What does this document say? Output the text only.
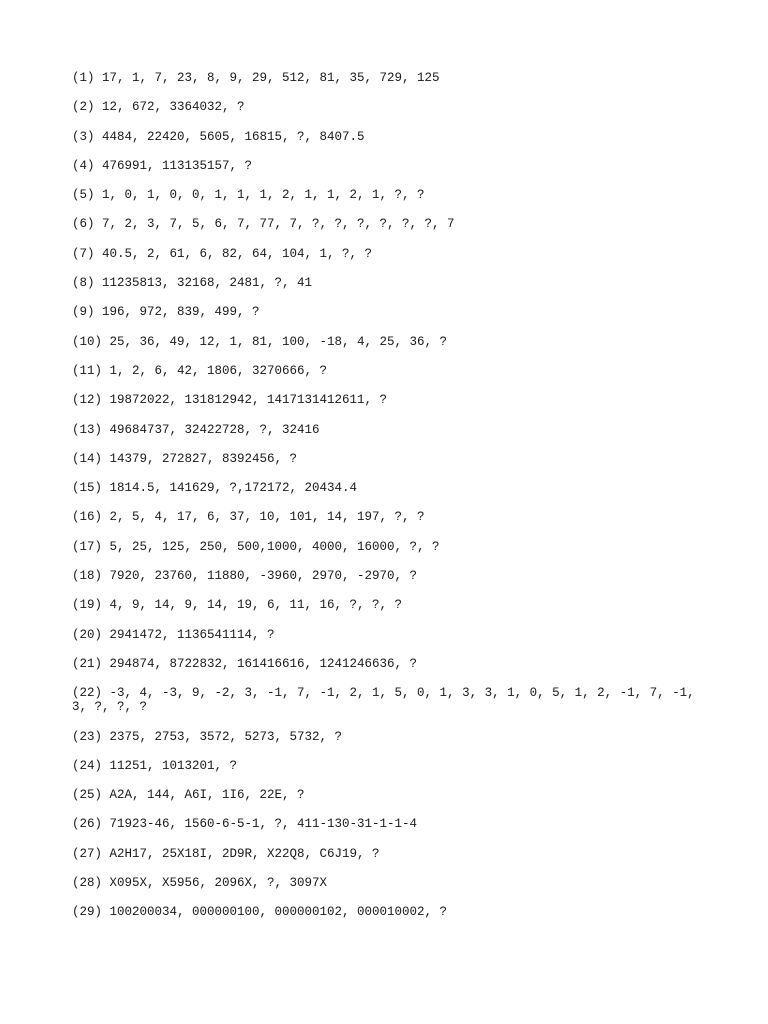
(1) 17, 1, 7, 23, 8, 9, 29, 512, 81, 35, 729, 125
(2) 12, 672, 3364032, ?
(3) 4484, 22420, 5605, 16815, ?, 8407.5
(4) 476991, 113135157, ?
(5) 1, 0, 1, 0, 0, 1, 1, 1, 2, 1, 1, 2, 1, ?, ?
(6) 7, 2, 3, 7, 5, 6, 7, 77, 7, ?, ?, ?, ?, ?, ?, 7
(7) 40.5, 2, 61, 6, 82, 64, 104, 1, ?, ?
(8) 11235813, 32168, 2481, ?, 41
(9) 196, 972, 839, 499, ?
(10) 25, 36, 49, 12, 1, 81, 100, -18, 4, 25, 36, ?
(11) 1, 2, 6, 42, 1806, 3270666, ?
(12) 19872022, 131812942, 1417131412611, ?
(13) 49684737, 32422728, ?, 32416
(14) 14379, 272827, 8392456, ?
(15) 1814.5, 141629, ?,172172, 20434.4
(16) 2, 5, 4, 17, 6, 37, 10, 101, 14, 197, ?, ?
(17) 5, 25, 125, 250, 500,1000, 4000, 16000, ?, ?
(18) 7920, 23760, 11880, -3960, 2970, -2970, ?
(19) 4, 9, 14, 9, 14, 19, 6, 11, 16, ?, ?, ?
(20) 2941472, 1136541114, ?
(21) 294874, 8722832, 161416616, 1241246636, ?
(22) -3, 4, -3, 9, -2, 3, -1, 7, -1, 2, 1, 5, 0, 1, 3, 3, 1, 0, 5, 1, 2, -1, 7, -1, 3, ?, ?, ?
(23) 2375, 2753, 3572, 5273, 5732, ?
(24) 11251, 1013201, ?
(25) A2A, 144, A6I, 1I6, 22E, ?
(26) 71923-46, 1560-6-5-1, ?, 411-130-31-1-1-4
(27) A2H17, 25X18I, 2D9R, X22Q8, C6J19, ?
(28) X095X, X5956, 2096X, ?, 3097X
(29) 100200034, 000000100, 000000102, 000010002, ?
